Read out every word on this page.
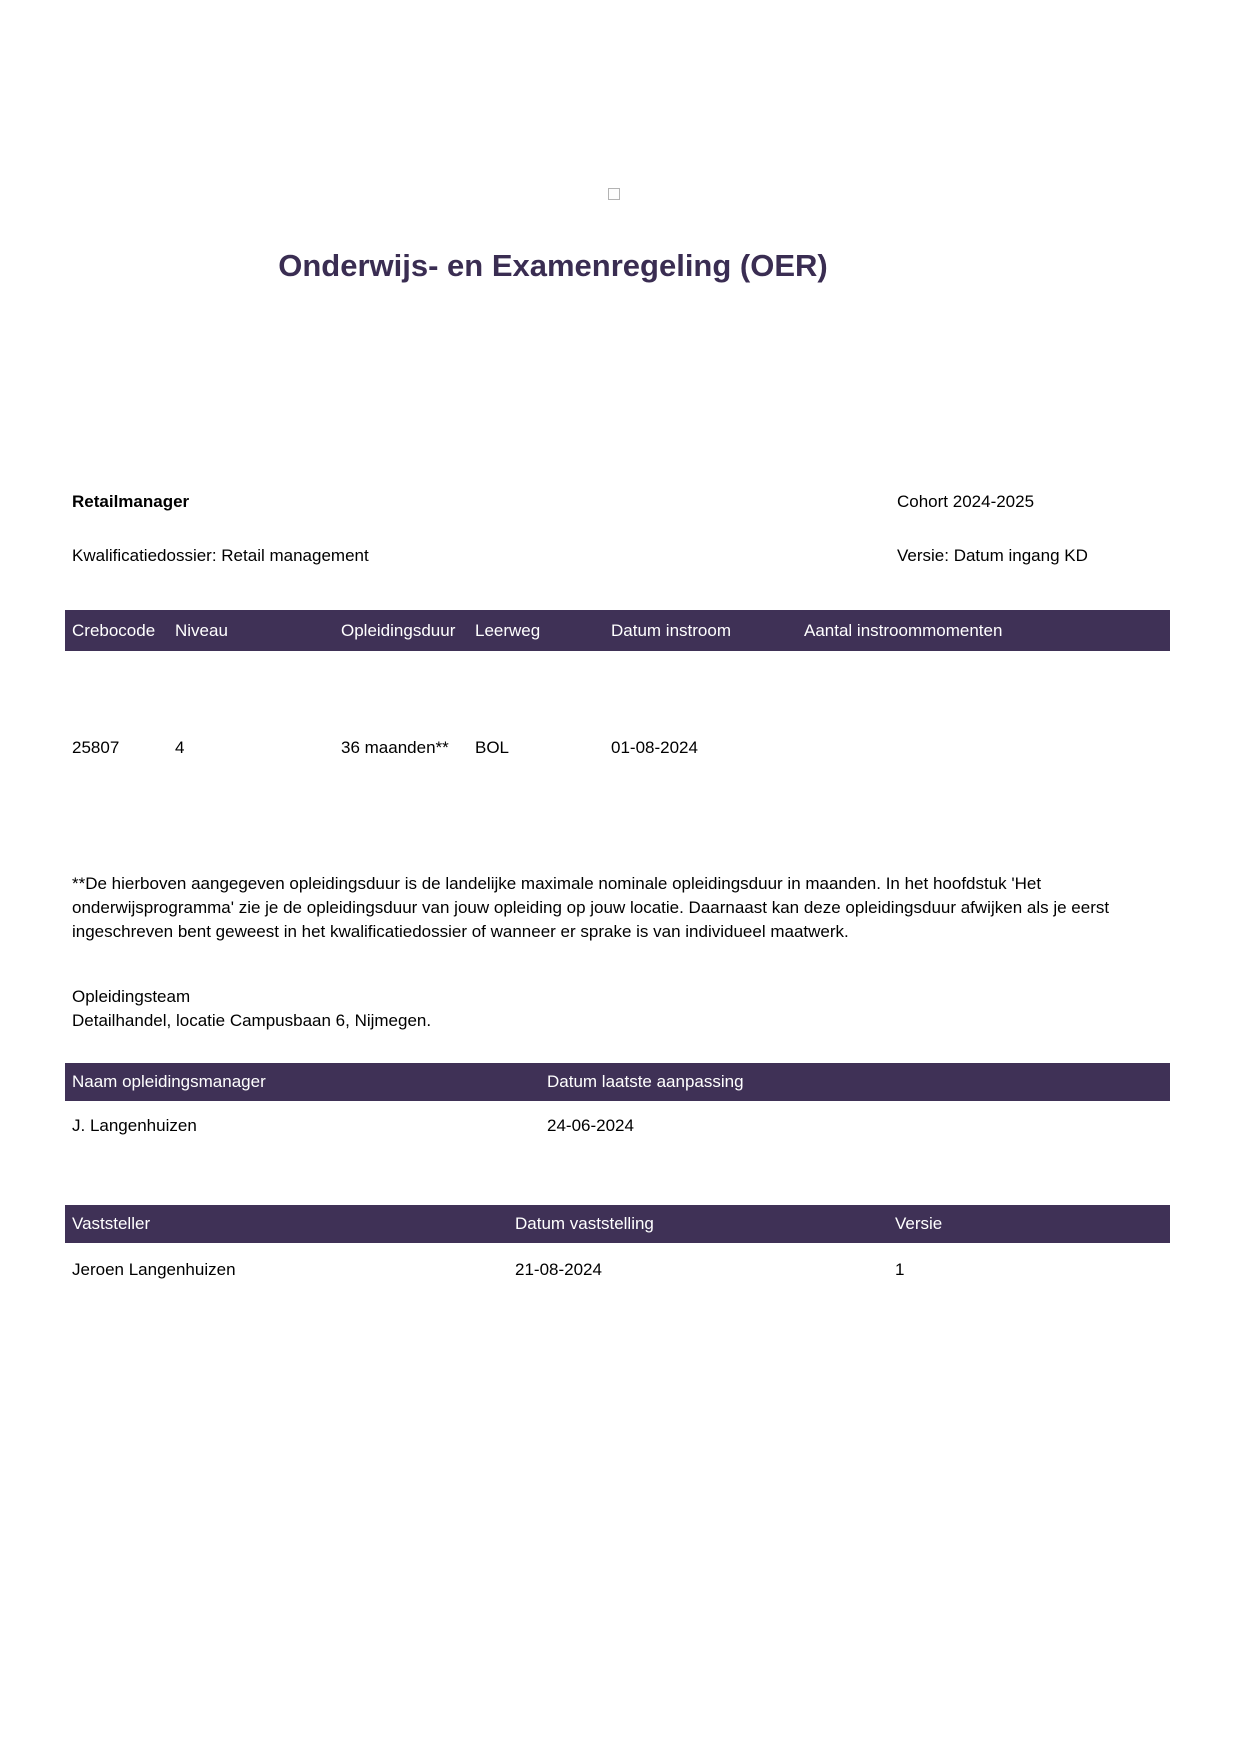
Onderwijs- en Examenregeling (OER)
Retailmanager	Cohort 2024-2025
Kwalificatiedossier: Retail management	Versie: Datum ingang KD
Crebocode	Niveau	Opleidingsduur	Leerweg	Datum instroom	Aantal instroommomenten
25807	4	36 maanden**	BOL	01-08-2024

**De hierboven aangegeven opleidingsduur is de landelijke maximale nominale opleidingsduur in maanden. In het hoofdstuk 'Het onderwijsprogramma' zie je de opleidingsduur van jouw opleiding op jouw locatie. Daarnaast kan deze opleidingsduur afwijken als je eerst ingeschreven bent geweest in het kwalificatiedossier of wanneer er sprake is van individueel maatwerk.

Opleidingsteam
Detailhandel, locatie Campusbaan 6, Nijmegen.
Naam opleidingsmanager	Datum laatste aanpassing
J. Langenhuizen	24-06-2024
Vaststeller	Datum vaststelling	Versie
Jeroen Langenhuizen	21-08-2024	1
